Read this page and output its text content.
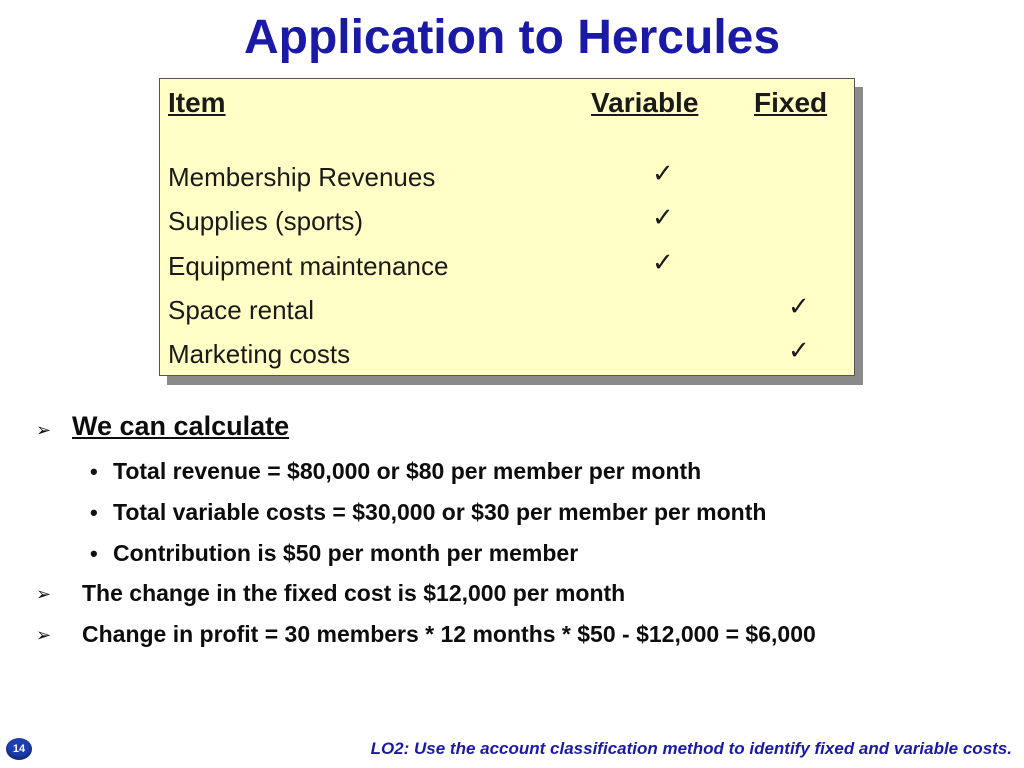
Application to Hercules
Item	Variable Fixed
Membership Revenues
Supplies (sports)
Equipment maintenance
Space rental
Marketing costs
✓
✓
✓
✓
✓
➢ We can calculate
• Total revenue = $80,000 or $80 per member per month
• Total variable costs = $30,000 or $30 per member per month
• Contribution is $50 per month per member
➢ The change in the fixed cost is $12,000 per month
➢ Change in profit = 30 members * 12 months * $50 - $12,000 = $6,000
14	LO2: Use the account classification method to identify fixed and variable costs.
